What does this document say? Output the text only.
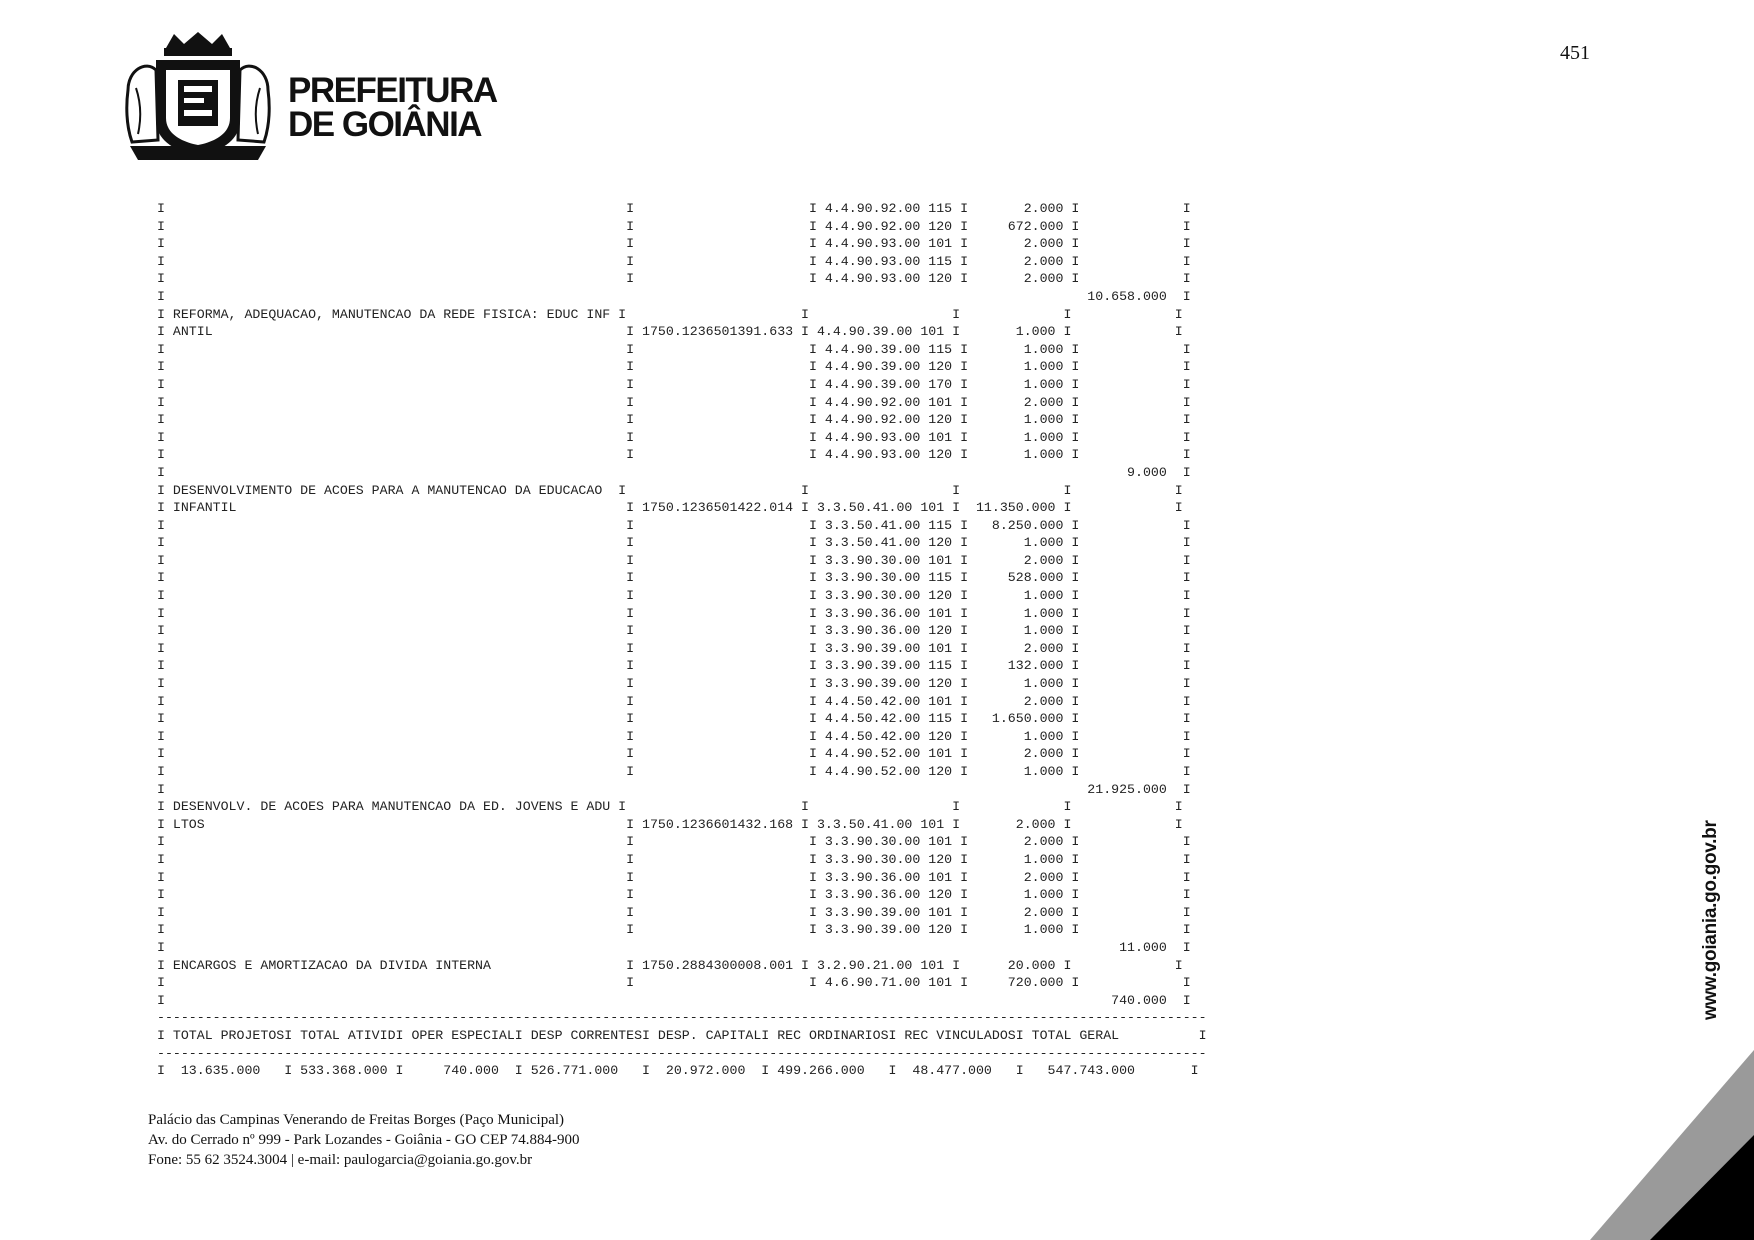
451
PREFEITURA
DE GOIÂNIA
I                                                          I                      I 4.4.90.92.00 115 I       2.000 I             I
I                                                          I                      I 4.4.90.92.00 120 I     672.000 I             I
I                                                          I                      I 4.4.90.93.00 101 I       2.000 I             I
I                                                          I                      I 4.4.90.93.00 115 I       2.000 I             I
I                                                          I                      I 4.4.90.93.00 120 I       2.000 I             I
I                                                                                                                    10.658.000  I
I REFORMA, ADEQUACAO, MANUTENCAO DA REDE FISICA: EDUC INF I                      I                  I             I             I
I ANTIL                                                    I 1750.1236501391.633 I 4.4.90.39.00 101 I       1.000 I             I
I                                                          I                      I 4.4.90.39.00 115 I       1.000 I             I
I                                                          I                      I 4.4.90.39.00 120 I       1.000 I             I
I                                                          I                      I 4.4.90.39.00 170 I       1.000 I             I
I                                                          I                      I 4.4.90.92.00 101 I       2.000 I             I
I                                                          I                      I 4.4.90.92.00 120 I       1.000 I             I
I                                                          I                      I 4.4.90.93.00 101 I       1.000 I             I
I                                                          I                      I 4.4.90.93.00 120 I       1.000 I             I
I                                                                                                                         9.000  I
I DESENVOLVIMENTO DE ACOES PARA A MANUTENCAO DA EDUCACAO  I                      I                  I             I             I
I INFANTIL                                                 I 1750.1236501422.014 I 3.3.50.41.00 101 I  11.350.000 I             I
I                                                          I                      I 3.3.50.41.00 115 I   8.250.000 I             I
I                                                          I                      I 3.3.50.41.00 120 I       1.000 I             I
I                                                          I                      I 3.3.90.30.00 101 I       2.000 I             I
I                                                          I                      I 3.3.90.30.00 115 I     528.000 I             I
I                                                          I                      I 3.3.90.30.00 120 I       1.000 I             I
I                                                          I                      I 3.3.90.36.00 101 I       1.000 I             I
I                                                          I                      I 3.3.90.36.00 120 I       1.000 I             I
I                                                          I                      I 3.3.90.39.00 101 I       2.000 I             I
I                                                          I                      I 3.3.90.39.00 115 I     132.000 I             I
I                                                          I                      I 3.3.90.39.00 120 I       1.000 I             I
I                                                          I                      I 4.4.50.42.00 101 I       2.000 I             I
I                                                          I                      I 4.4.50.42.00 115 I   1.650.000 I             I
I                                                          I                      I 4.4.50.42.00 120 I       1.000 I             I
I                                                          I                      I 4.4.90.52.00 101 I       2.000 I             I
I                                                          I                      I 4.4.90.52.00 120 I       1.000 I             I
I                                                                                                                    21.925.000  I
I DESENVOLV. DE ACOES PARA MANUTENCAO DA ED. JOVENS E ADU I                      I                  I             I             I
I LTOS                                                     I 1750.1236601432.168 I 3.3.50.41.00 101 I       2.000 I             I
I                                                          I                      I 3.3.90.30.00 101 I       2.000 I             I
I                                                          I                      I 3.3.90.30.00 120 I       1.000 I             I
I                                                          I                      I 3.3.90.36.00 101 I       2.000 I             I
I                                                          I                      I 3.3.90.36.00 120 I       1.000 I             I
I                                                          I                      I 3.3.90.39.00 101 I       2.000 I             I
I                                                          I                      I 3.3.90.39.00 120 I       1.000 I             I
I                                                                                                                        11.000  I
I ENCARGOS E AMORTIZACAO DA DIVIDA INTERNA                 I 1750.2884300008.001 I 3.2.90.21.00 101 I      20.000 I             I
I                                                          I                      I 4.6.90.71.00 101 I     720.000 I             I
I                                                                                                                       740.000  I
------------------------------------------------------------------------------------------------------------------------------------
I TOTAL PROJETOSI TOTAL ATIVIDI OPER ESPECIALI DESP CORRENTESI DESP. CAPITALI REC ORDINARIOSI REC VINCULADOSI TOTAL GERAL          I
------------------------------------------------------------------------------------------------------------------------------------
I  13.635.000   I 533.368.000 I     740.000  I 526.771.000   I  20.972.000  I 499.266.000   I  48.477.000   I   547.743.000       I
Palácio das Campinas Venerando de Freitas Borges (Paço Municipal)
Av. do Cerrado nº 999 - Park Lozandes - Goiânia - GO CEP 74.884-900
Fone: 55 62 3524.3004 | e-mail: paulogarcia@goiania.go.gov.br
www.goiania.go.gov.br
